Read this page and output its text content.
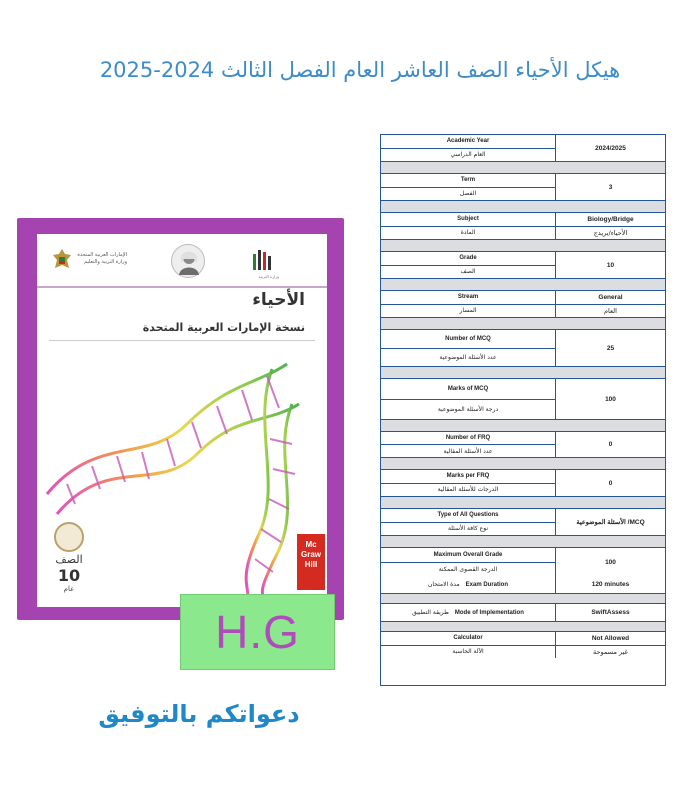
هيكل الأحياء الصف العاشر العام الفصل الثالث 2024-2025
الإمارات العربية المتحدة وزارة التربية والتعليم
وزارة التربية
الأحياء
نسخة الإمارات العربية المتحدة
الصف
10
عام
Mc
Graw
Hill
H.G
دعواتكم بالتوفيق
Academic Year
العام الدراسي
2024/2025
Term
الفصل
3
Subject
المادة
Biology/Bridge
الأحياء/بريدج
Grade
الصف
10
Stream
المسار
General
العام
Number of MCQ
عدد الأسئلة الموضوعية
25
Marks of MCQ
درجة الأسئلة الموضوعية
100
Number of FRQ
عدد الأسئلة المقالية
0
Marks per FRQ
الدرجات للأسئلة المقالية
0
Type of All Questions
نوع كافة الأسئلة
الأسئلة الموضوعية /MCQ
Maximum Overall Grade
الدرجة القصوى الممكنة
100
مدة الامتحان Exam Duration	120 minutes
طريقة التطبيق Mode of Implementation	SwiftAssess
Calculator
الآلة الحاسبة
Not Allowed
غير مسموحة
